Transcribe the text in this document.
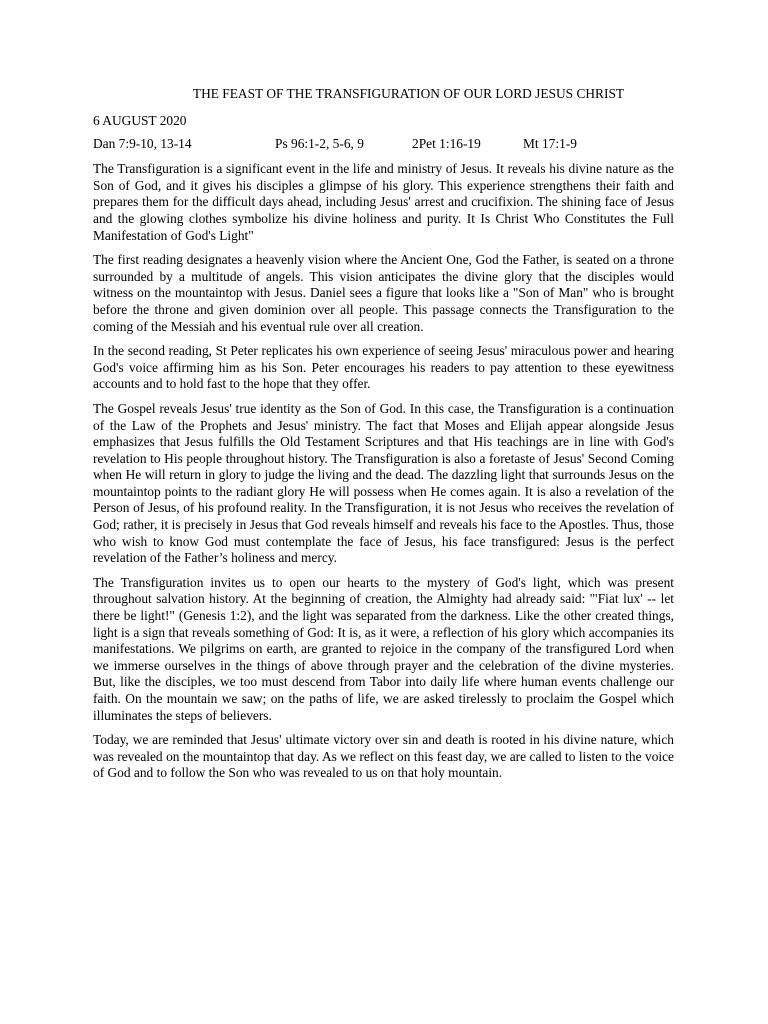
THE FEAST OF THE TRANSFIGURATION OF OUR LORD JESUS CHRIST

6 AUGUST 2020

Dan 7:9-10, 13-14	Ps 96:1-2, 5-6, 9	2Pet 1:16-19	Mt 17:1-9

The Transfiguration is a significant event in the life and ministry of Jesus. It reveals his divine nature as the Son of God, and it gives his disciples a glimpse of his glory. This experience strengthens their faith and prepares them for the difficult days ahead, including Jesus' arrest and crucifixion. The shining face of Jesus and the glowing clothes symbolize his divine holiness and purity. It Is Christ Who Constitutes the Full Manifestation of God's Light"

The first reading designates a heavenly vision where the Ancient One, God the Father, is seated on a throne surrounded by a multitude of angels. This vision anticipates the divine glory that the disciples would witness on the mountaintop with Jesus. Daniel sees a figure that looks like a "Son of Man" who is brought before the throne and given dominion over all people. This passage connects the Transfiguration to the coming of the Messiah and his eventual rule over all creation.

In the second reading, St Peter replicates his own experience of seeing Jesus' miraculous power and hearing God's voice affirming him as his Son. Peter encourages his readers to pay attention to these eyewitness accounts and to hold fast to the hope that they offer.

The Gospel reveals Jesus' true identity as the Son of God. In this case, the Transfiguration is a continuation of the Law of the Prophets and Jesus' ministry. The fact that Moses and Elijah appear alongside Jesus emphasizes that Jesus fulfills the Old Testament Scriptures and that His teachings are in line with God's revelation to His people throughout history. The Transfiguration is also a foretaste of Jesus' Second Coming when He will return in glory to judge the living and the dead. The dazzling light that surrounds Jesus on the mountaintop points to the radiant glory He will possess when He comes again. It is also a revelation of the Person of Jesus, of his profound reality. In the Transfiguration, it is not Jesus who receives the revelation of God; rather, it is precisely in Jesus that God reveals himself and reveals his face to the Apostles. Thus, those who wish to know God must contemplate the face of Jesus, his face transfigured: Jesus is the perfect revelation of the Father’s holiness and mercy.

The Transfiguration invites us to open our hearts to the mystery of God's light, which was present throughout salvation history. At the beginning of creation, the Almighty had already said: '"Fiat lux' -- let there be light!" (Genesis 1:2), and the light was separated from the darkness. Like the other created things, light is a sign that reveals something of God: It is, as it were, a reflection of his glory which accompanies its manifestations. We pilgrims on earth, are granted to rejoice in the company of the transfigured Lord when we immerse ourselves in the things of above through prayer and the celebration of the divine mysteries. But, like the disciples, we too must descend from Tabor into daily life where human events challenge our faith. On the mountain we saw; on the paths of life, we are asked tirelessly to proclaim the Gospel which illuminates the steps of believers.

Today, we are reminded that Jesus' ultimate victory over sin and death is rooted in his divine nature, which was revealed on the mountaintop that day. As we reflect on this feast day, we are called to listen to the voice of God and to follow the Son who was revealed to us on that holy mountain.
